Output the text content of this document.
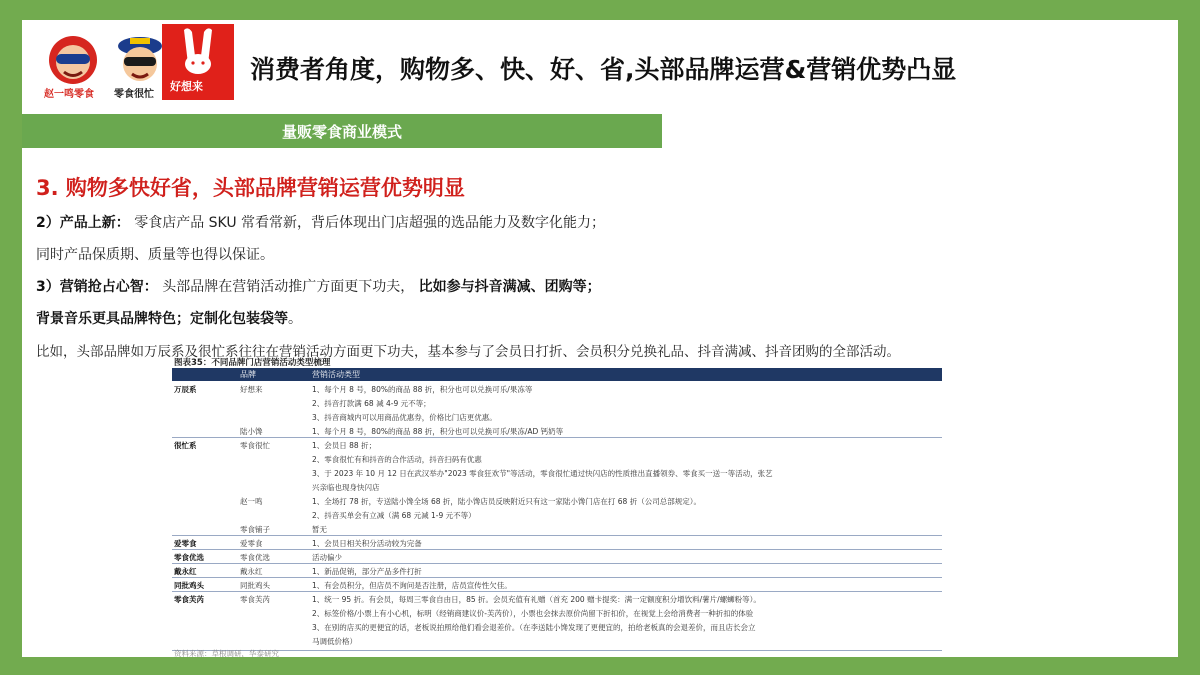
赵一鸣零食 零食很忙
好想来
消费者角度，购物多、快、好、省,头部品牌运营&营销优势凸显
量贩零食商业模式
3. 购物多快好省，头部品牌营销运营优势明显
2）产品上新： 零食店产品 SKU 常看常新，背后体现出门店超强的选品能力及数字化能力；
同时产品保质期、质量等也得以保证。
3）营销抢占心智： 头部品牌在营销活动推广方面更下功夫， 比如参与抖音满减、团购等；
背景音乐更具品牌特色；定制化包装袋等。
比如，头部品牌如万辰系及很忙系往往在营销活动方面更下功夫，基本参与了会员日打折、会员积分兑换礼品、抖音满减、抖音团购的全部活动。
图表35：不同品牌门店营销活动类型梳理
品牌	营销活动类型
万辰系	好想来	1、每个月 8 号，80%的商品 88 折，积分也可以兑换可乐/果冻等
2、抖音打款满 68 减 4-9 元不等；
3、抖音商城内可以用商品优惠券，价格比门店更优惠。
陆小馋	1、每个月 8 号，80%的商品 88 折，积分也可以兑换可乐/果冻/AD 钙奶等
很忙系	零食很忙	1、会员日 88 折；
2、零食很忙有和抖音的合作活动，抖音扫码有优惠
3、于 2023 年 10 月 12 日在武汉举办"2023 零食狂欢节"等活动，零食很忙通过快闪店的性质推出直播领券、零食买一送一等活动，张艺
兴亲临也现身快闪店
赵一鸣	1、全场打 78 折，专送陆小馋全场 68 折，陆小馋店员反映附近只有这一家陆小馋门店在打 68 折（公司总部规定）。
2、抖音买单会有立减（满 68 元减 1-9 元不等）
零食铺子	暂无
爱零食	爱零食	1、会员日相关积分活动较为完备
零食优选	零食优选	活动偏少
戴永红	戴永红	1、新品促销，部分产品多件打折
同批鸡头	同批鸡头	1、有会员积分，但店员不询问是否注册，店员宣传性欠佳。
零食芙芮	零食芙芮	1、统一 95 折。有会员，每周三零食自由日，85 折。会员充值有礼赠（首充 200 赠卡提奖：满一定额度积分增饮料/薯片/螺蛳粉等）。
2、标签价格/小票上有小心机，标明（经销商建议价-芙芮价），小票也会抹去原价尚留下折扣价，在视觉上会给消费者一种折扣的体验
3、在别的店买的更便宜的话，老板说拍照给他们看会退差价。（在李送陆小馋发现了更便宜的，拍给老板真的会退差价，而且店长会立
马调低价格）
资料来源：草根调研，华泰研究
